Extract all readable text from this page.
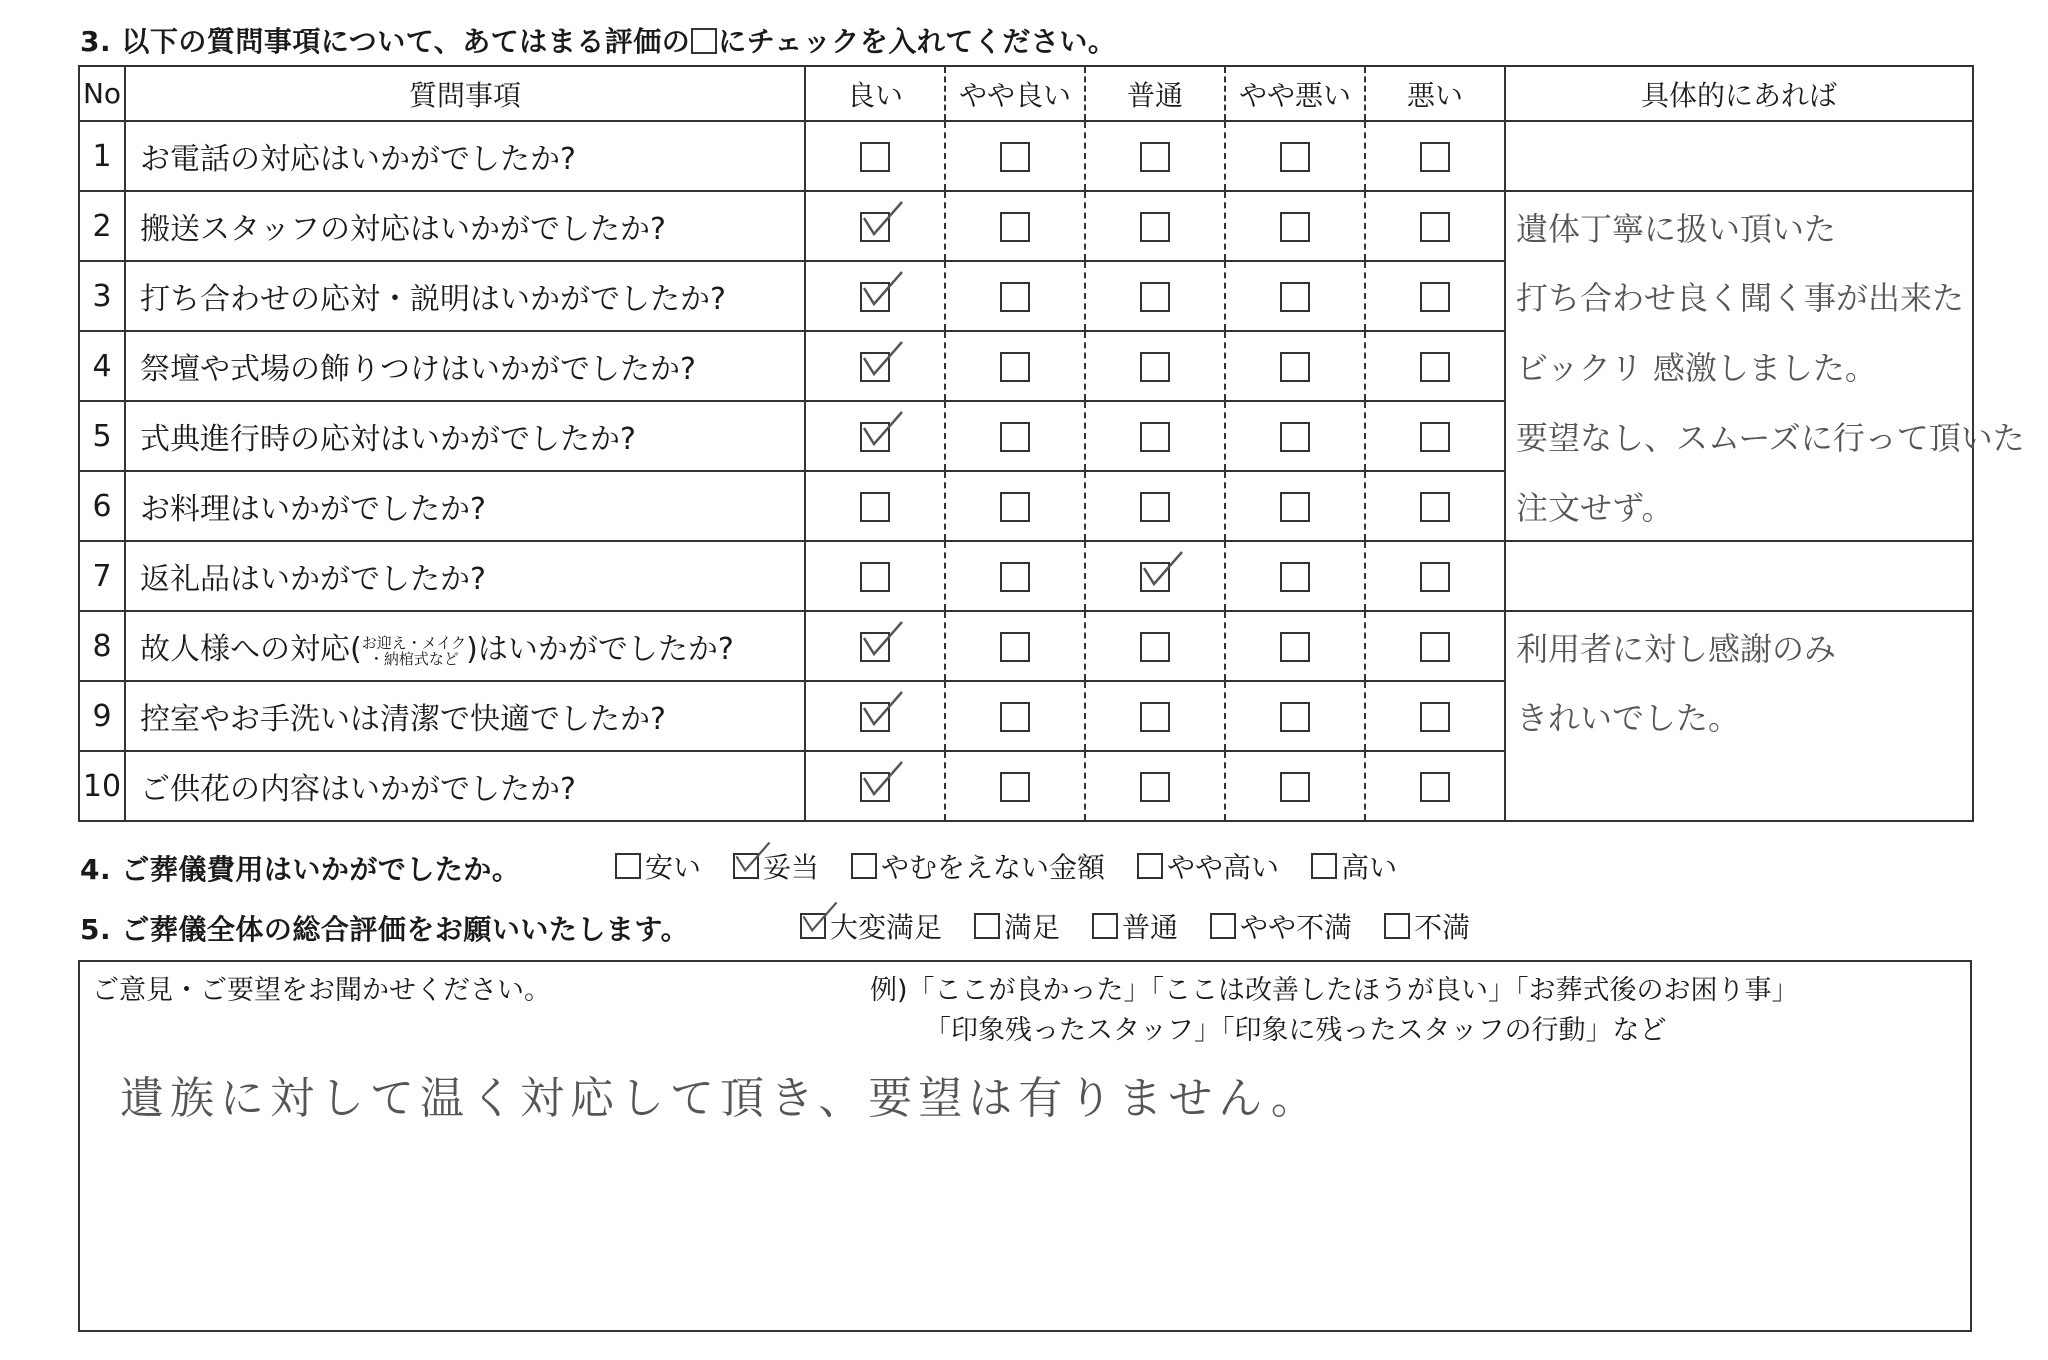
3. 以下の質問事項について、あてはまる評価の にチェックを入れてください。
No	質問事項	良い	やや良い	普通	やや悪い	悪い	具体的にあれば
1	お電話の対応はいかがでしたか?						
2	搬送スタッフの対応はいかがでしたか?						遺体丁寧に扱い頂いた
3	打ち合わせの応対・説明はいかがでしたか?						打ち合わせ良く聞く事が出来た
4	祭壇や式場の飾りつけはいかがでしたか?						ビックリ 感激しました。
5	式典進行時の応対はいかがでしたか?						要望なし、スムーズに行って頂いた
6	お料理はいかがでしたか?						注文せず。
7	返礼品はいかがでしたか?			

8	故人様への対応(お迎え・メイク
・納棺式など )はいかがでしたか?						利用者に対し感謝のみ
9	控室やお手洗いは清潔で快適でしたか?						きれいでした。
10	ご供花の内容はいかがでしたか?	

4. ご葬儀費用はいかがでしたか。	安い 妥当 やむをえない金額 やや高い 高い
5. ご葬儀全体の総合評価をお願いいたします。	大変満足 満足 普通 やや不満 不満
ご意見・ご要望をお聞かせください。	例)「ここが良かった」「ここは改善したほうが良い」「お葬式後のお困り事」
「印象残ったスタッフ」「印象に残ったスタッフの行動」など
遺族に対して温く対応して頂き、要望は有りません。
